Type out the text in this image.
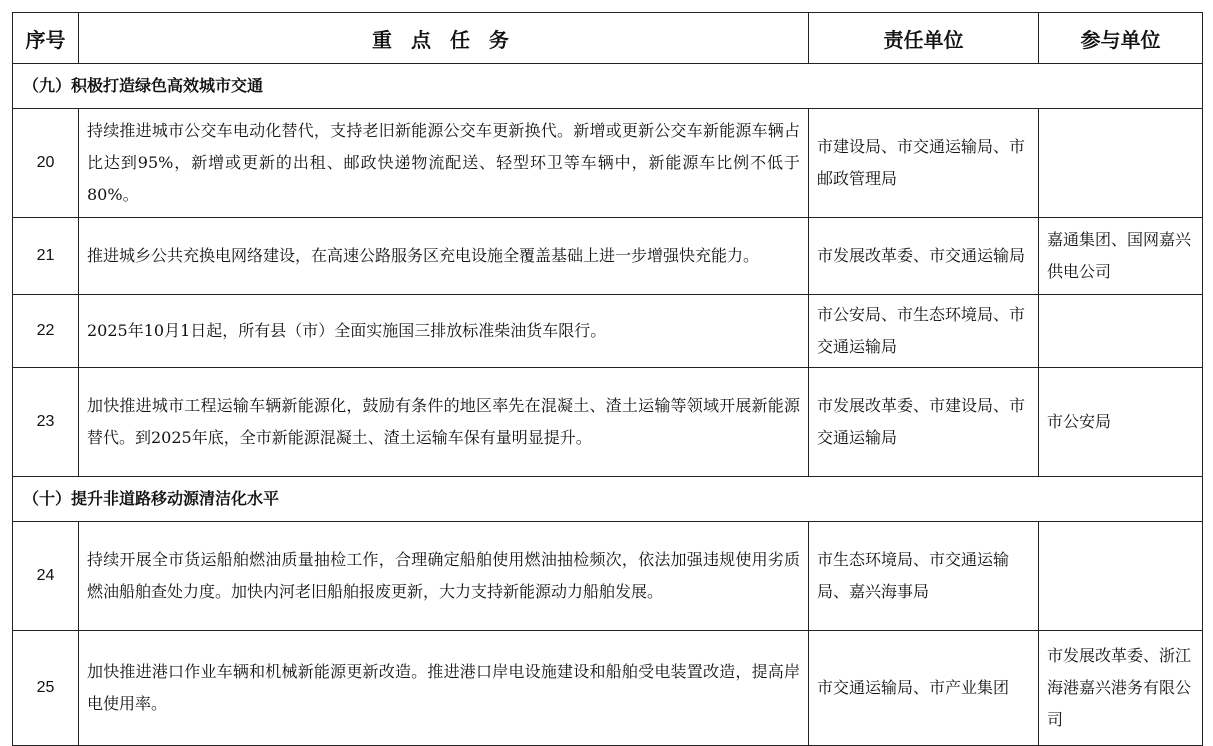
序号	重 点 任 务	责任单位	参与单位
（九）积极打造绿色高效城市交通			
20	持续推进城市公交车电动化替代，支持老旧新能源公交车更新换代。新增或更新公交车新能源车辆占比达到95%，新增或更新的出租、邮政快递物流配送、轻型环卫等车辆中，新能源车比例不低于80%。	市建设局、市交通运输局、市邮政管理局	
21	推进城乡公共充换电网络建设，在高速公路服务区充电设施全覆盖基础上进一步增强快充能力。	市发展改革委、市交通运输局	嘉通集团、国网嘉兴供电公司
22	2025年10月1日起，所有县（市）全面实施国三排放标准柴油货车限行。	市公安局、市生态环境局、市交通运输局	
23	加快推进城市工程运输车辆新能源化，鼓励有条件的地区率先在混凝土、渣土运输等领域开展新能源替代。到2025年底，全市新能源混凝土、渣土运输车保有量明显提升。	市发展改革委、市建设局、市交通运输局	市公安局
（十）提升非道路移动源清洁化水平			
24	持续开展全市货运船舶燃油质量抽检工作，合理确定船舶使用燃油抽检频次，依法加强违规使用劣质燃油船舶查处力度。加快内河老旧船舶报废更新，大力支持新能源动力船舶发展。	市生态环境局、市交通运输局、嘉兴海事局	
25	加快推进港口作业车辆和机械新能源更新改造。推进港口岸电设施建设和船舶受电装置改造，提高岸电使用率。	市交通运输局、市产业集团	市发展改革委、浙江海港嘉兴港务有限公司
